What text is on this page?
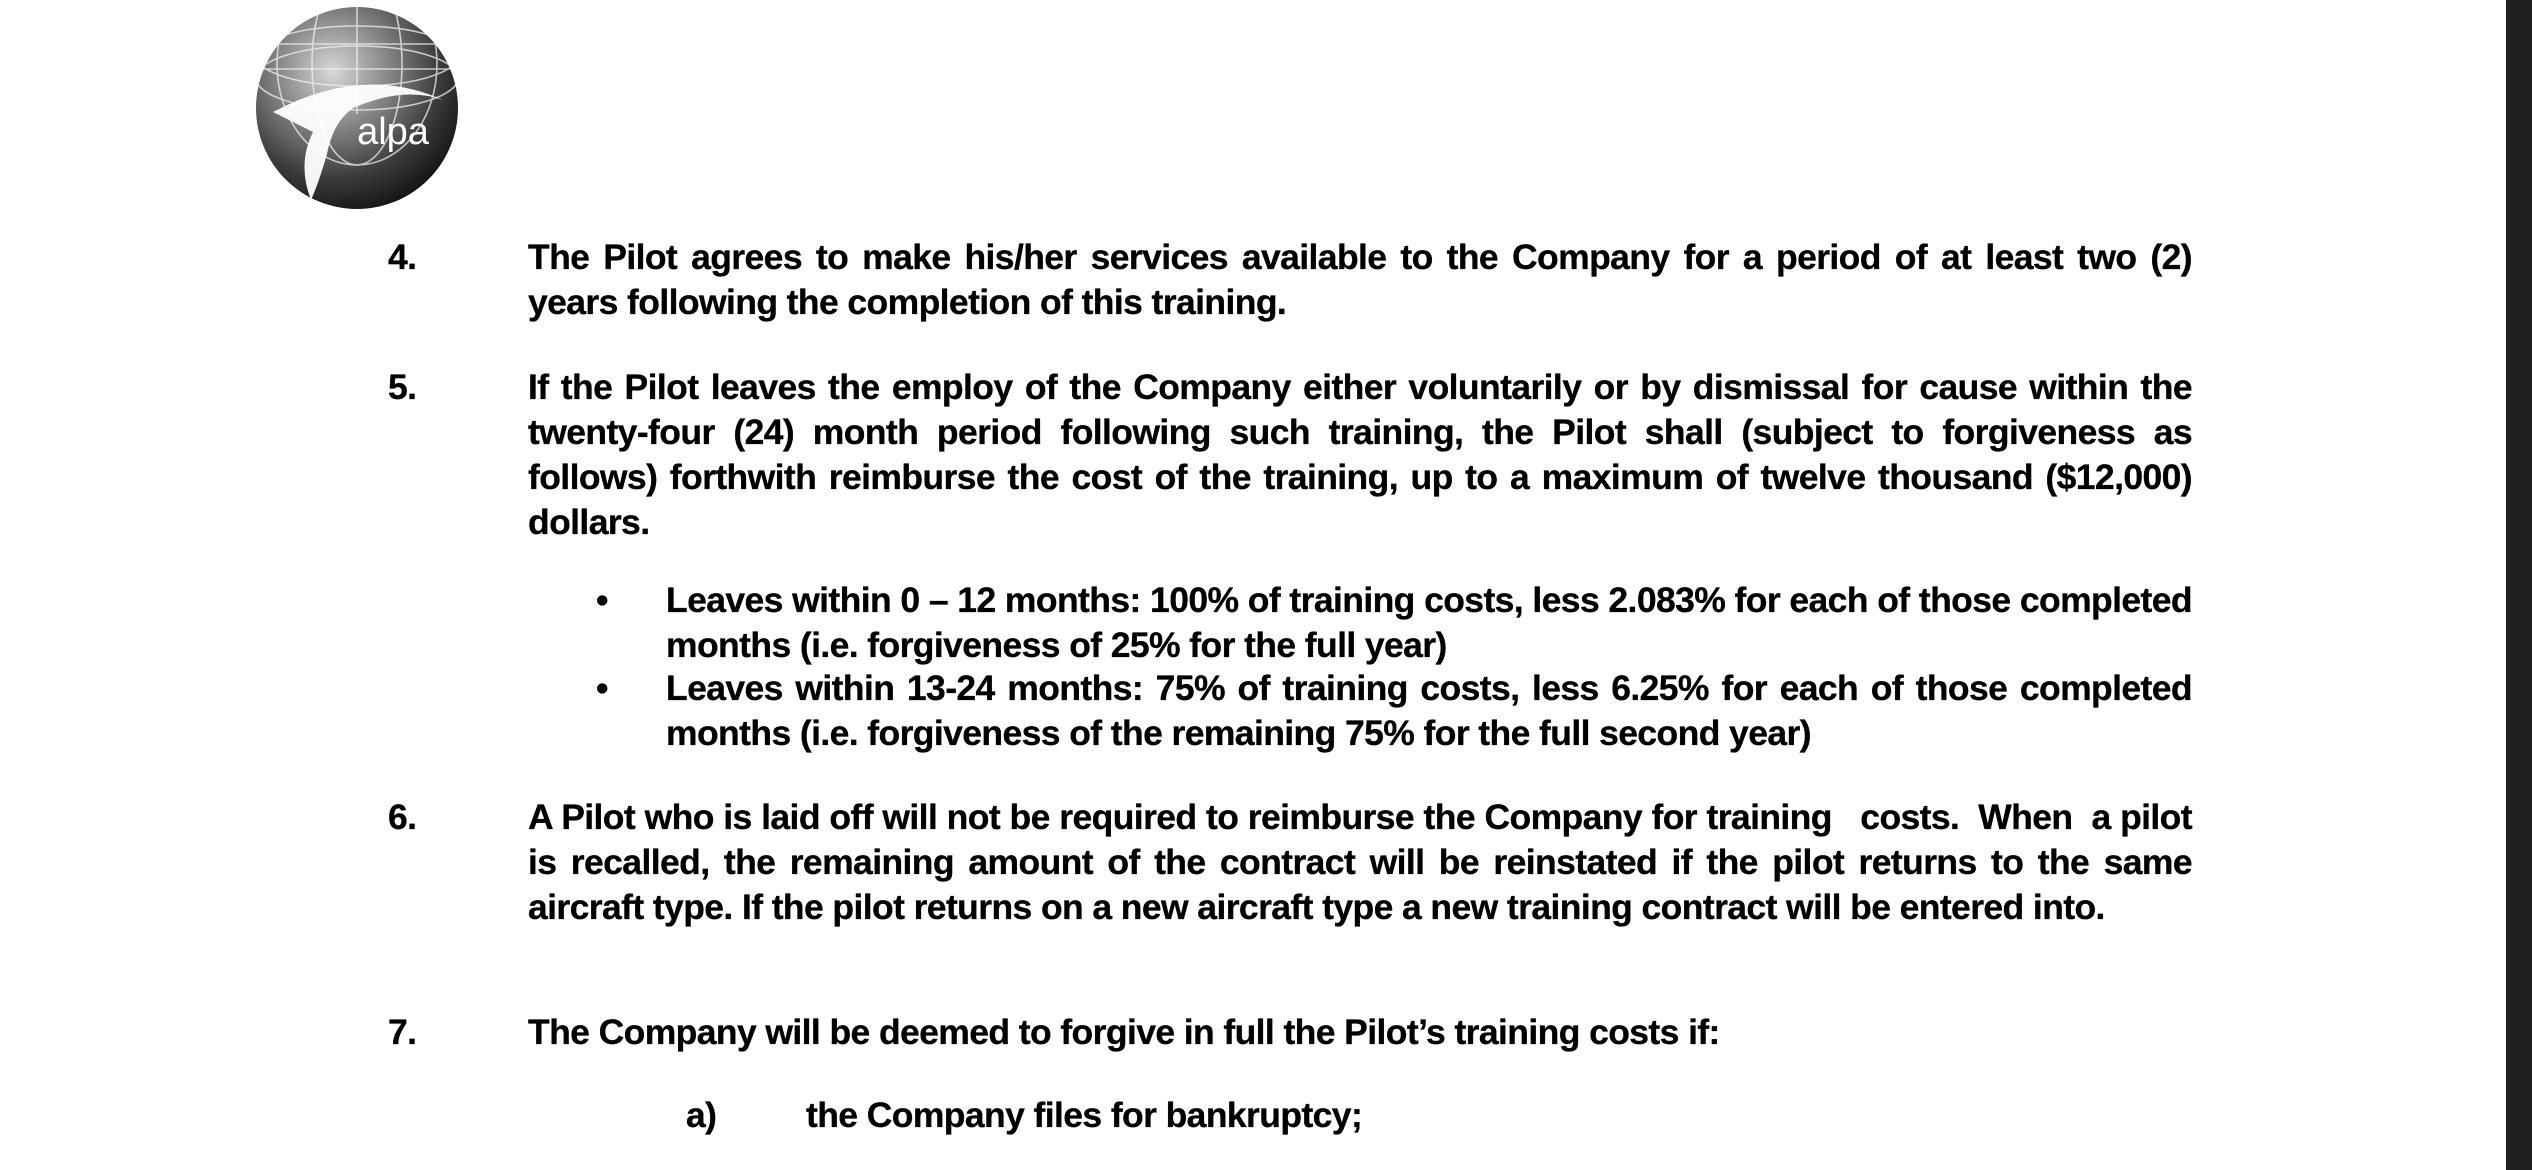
alpa
4.	The Pilot agrees to make his/her services available to the Company for a period of at least two (2) years following the completion of this training.

5.	If the Pilot leaves the employ of the Company either voluntarily or by dismissal for cause within the twenty-four (24) month period following such training, the Pilot shall (subject to forgiveness as follows) forthwith reimburse the cost of the training, up to a maximum of twelve thousand ($12,000) dollars.

• Leaves within 0 – 12 months: 100% of training costs, less 2.083% for each of those completed months (i.e. forgiveness of 25% for the full year)

• Leaves within 13-24 months: 75% of training costs, less 6.25% for each of those completed months (i.e. forgiveness of the remaining 75% for the full second year)

6.	A Pilot who is laid off will not be required to reimburse the Company for training   costs.  When  a pilot is recalled, the remaining amount of the contract will be reinstated if the pilot returns to the same aircraft type. If the pilot returns on a new aircraft type a new training contract will be entered into.

7.	The Company will be deemed to forgive in full the Pilot’s training costs if:

a)	the Company files for bankruptcy;
